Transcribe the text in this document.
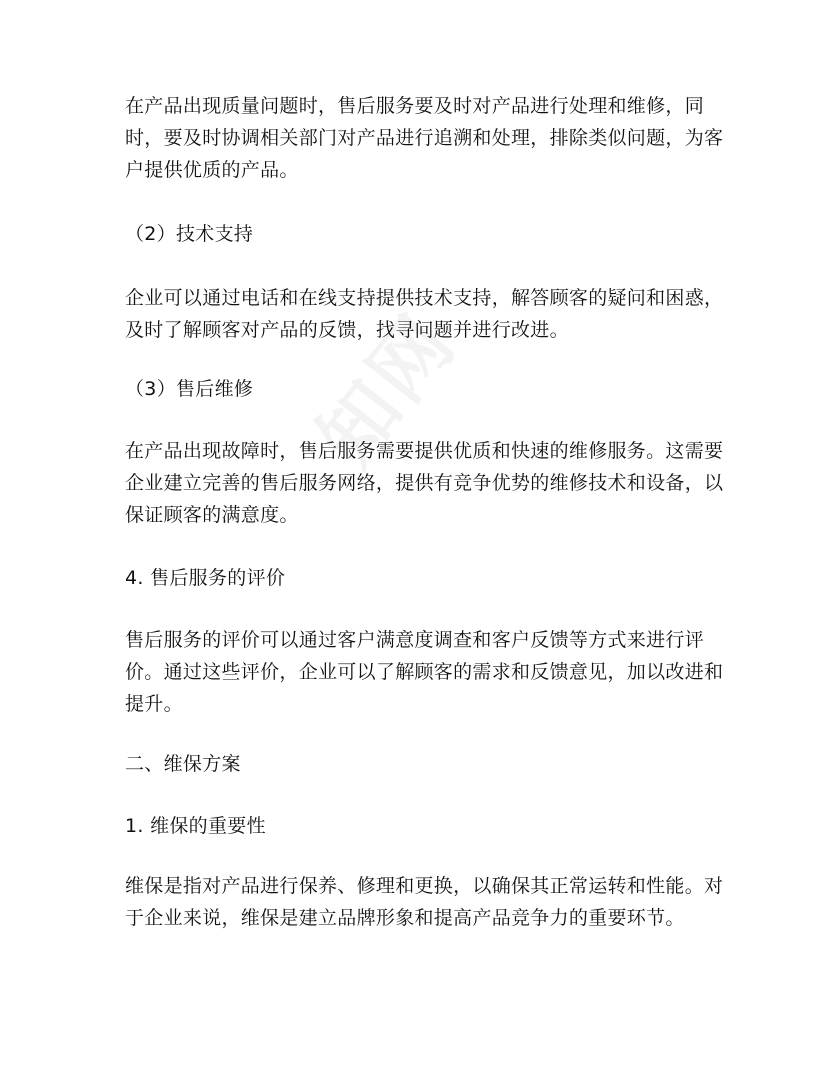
在产品出现质量问题时，售后服务要及时对产品进行处理和维修，同时，要及时协调相关部门对产品进行追溯和处理，排除类似问题，为客户提供优质的产品。

（2）技术支持

企业可以通过电话和在线支持提供技术支持，解答顾客的疑问和困惑，及时了解顾客对产品的反馈，找寻问题并进行改进。

（3）售后维修

在产品出现故障时，售后服务需要提供优质和快速的维修服务。这需要企业建立完善的售后服务网络，提供有竞争优势的维修技术和设备，以保证顾客的满意度。

4. 售后服务的评价

售后服务的评价可以通过客户满意度调查和客户反馈等方式来进行评价。通过这些评价，企业可以了解顾客的需求和反馈意见，加以改进和提升。

二、维保方案

1. 维保的重要性

维保是指对产品进行保养、修理和更换，以确保其正常运转和性能。对于企业来说，维保是建立品牌形象和提高产品竞争力的重要环节。
